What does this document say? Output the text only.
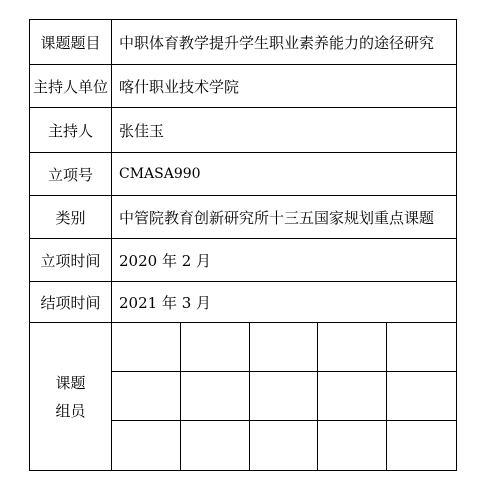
课题题目	中职体育教学提升学生职业素养能力的途径研究
主持人单位 喀什职业技术学院
主持人	张佳玉
立项号	CMASA990
类别	中管院教育创新研究所十三五国家规划重点课题
立项时间	2020 年 2 月
结项时间	2021 年 3 月
课题
组员
